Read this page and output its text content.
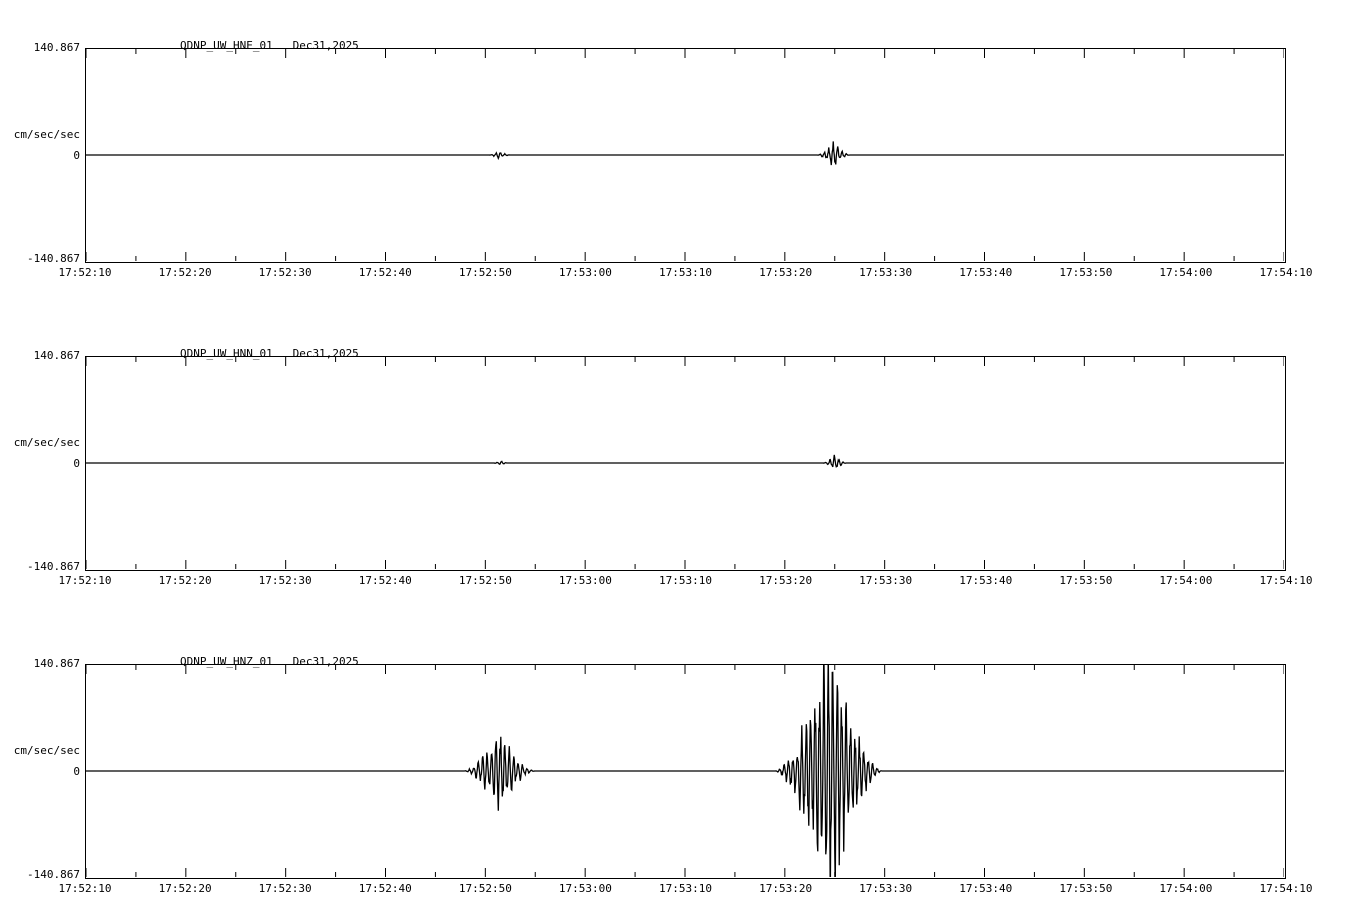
QDNP_UW_HNE_01   Dec31,2025
140.867
cm/sec/sec
0
-140.867
17:52:10	17:52:20	17:52:30	17:52:40	17:52:50	17:53:00	17:53:10	17:53:20	17:53:30	17:53:40	17:53:50	17:54:00	17:54:10
QDNP_UW_HNN_01   Dec31,2025
140.867
cm/sec/sec
0
-140.867
17:52:10	17:52:20	17:52:30	17:52:40	17:52:50	17:53:00	17:53:10	17:53:20	17:53:30	17:53:40	17:53:50	17:54:00	17:54:10
QDNP_UW_HNZ_01   Dec31,2025
140.867
cm/sec/sec
0
-140.867
17:52:10	17:52:20	17:52:30	17:52:40	17:52:50	17:53:00	17:53:10	17:53:20	17:53:30	17:53:40	17:53:50	17:54:00	17:54:10
